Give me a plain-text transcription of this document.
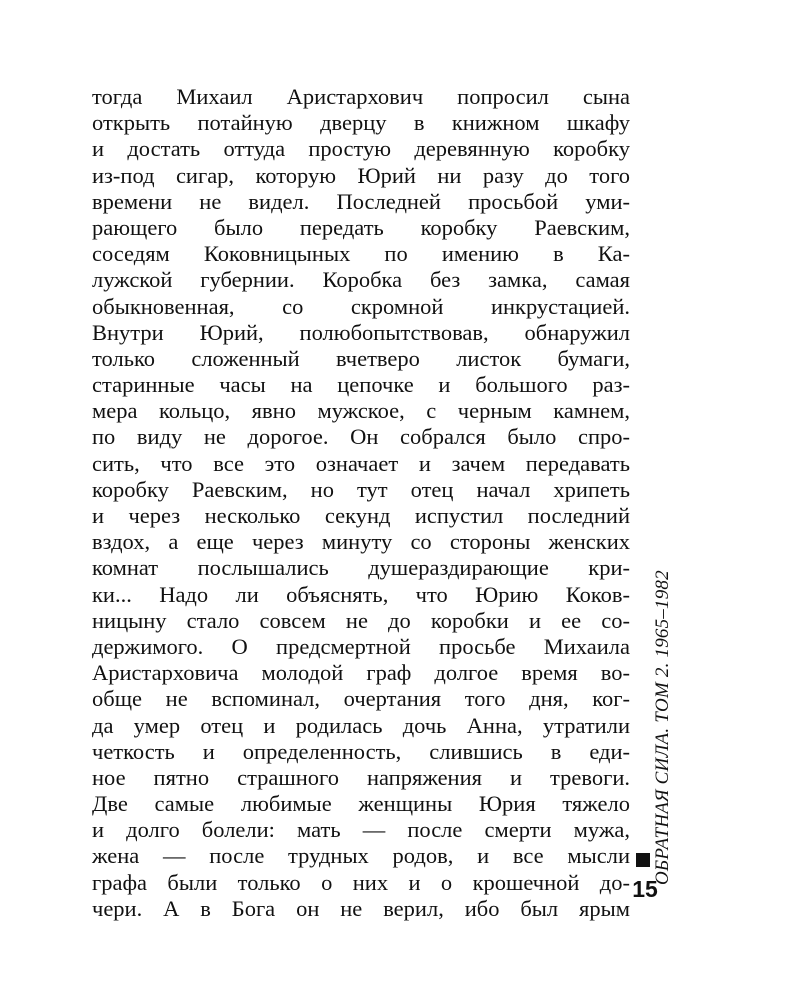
тогда Михаил Аристархович попросил сына
открыть потайную дверцу в книжном шкафу
и достать оттуда простую деревянную коробку
из-под сигар, которую Юрий ни разу до того
времени не видел. Последней просьбой уми-
рающего было передать коробку Раевским,
соседям Коковницыных по имению в Ка-
лужской губернии. Коробка без замка, самая
обыкновенная, со скромной инкрустацией.
Внутри Юрий, полюбопытствовав, обнаружил
только сложенный вчетверо листок бумаги,
старинные часы на цепочке и большого раз-
мера кольцо, явно мужское, с черным камнем,
по виду не дорогое. Он собрался было спро-
сить, что все это означает и зачем передавать
коробку Раевским, но тут отец начал хрипеть
и через несколько секунд испустил последний
вздох, а еще через минуту со стороны женских
комнат послышались душераздирающие кри-
ки... Надо ли объяснять, что Юрию Коков-
ницыну стало совсем не до коробки и ее со-
держимого. О предсмертной просьбе Михаила
Аристарховича молодой граф долгое время во-
обще не вспоминал, очертания того дня, ког-
да умер отец и родилась дочь Анна, утратили
четкость и определенность, слившись в еди-
ное пятно страшного напряжения и тревоги.
Две самые любимые женщины Юрия тяжело
и долго болели: мать — после смерти мужа,
жена — после трудных родов, и все мысли
графа были только о них и о крошечной до-
чери. А в Бога он не верил, ибо был ярым
ОБРАТНАЯ СИЛА. ТОМ 2. 1965–1982
15
